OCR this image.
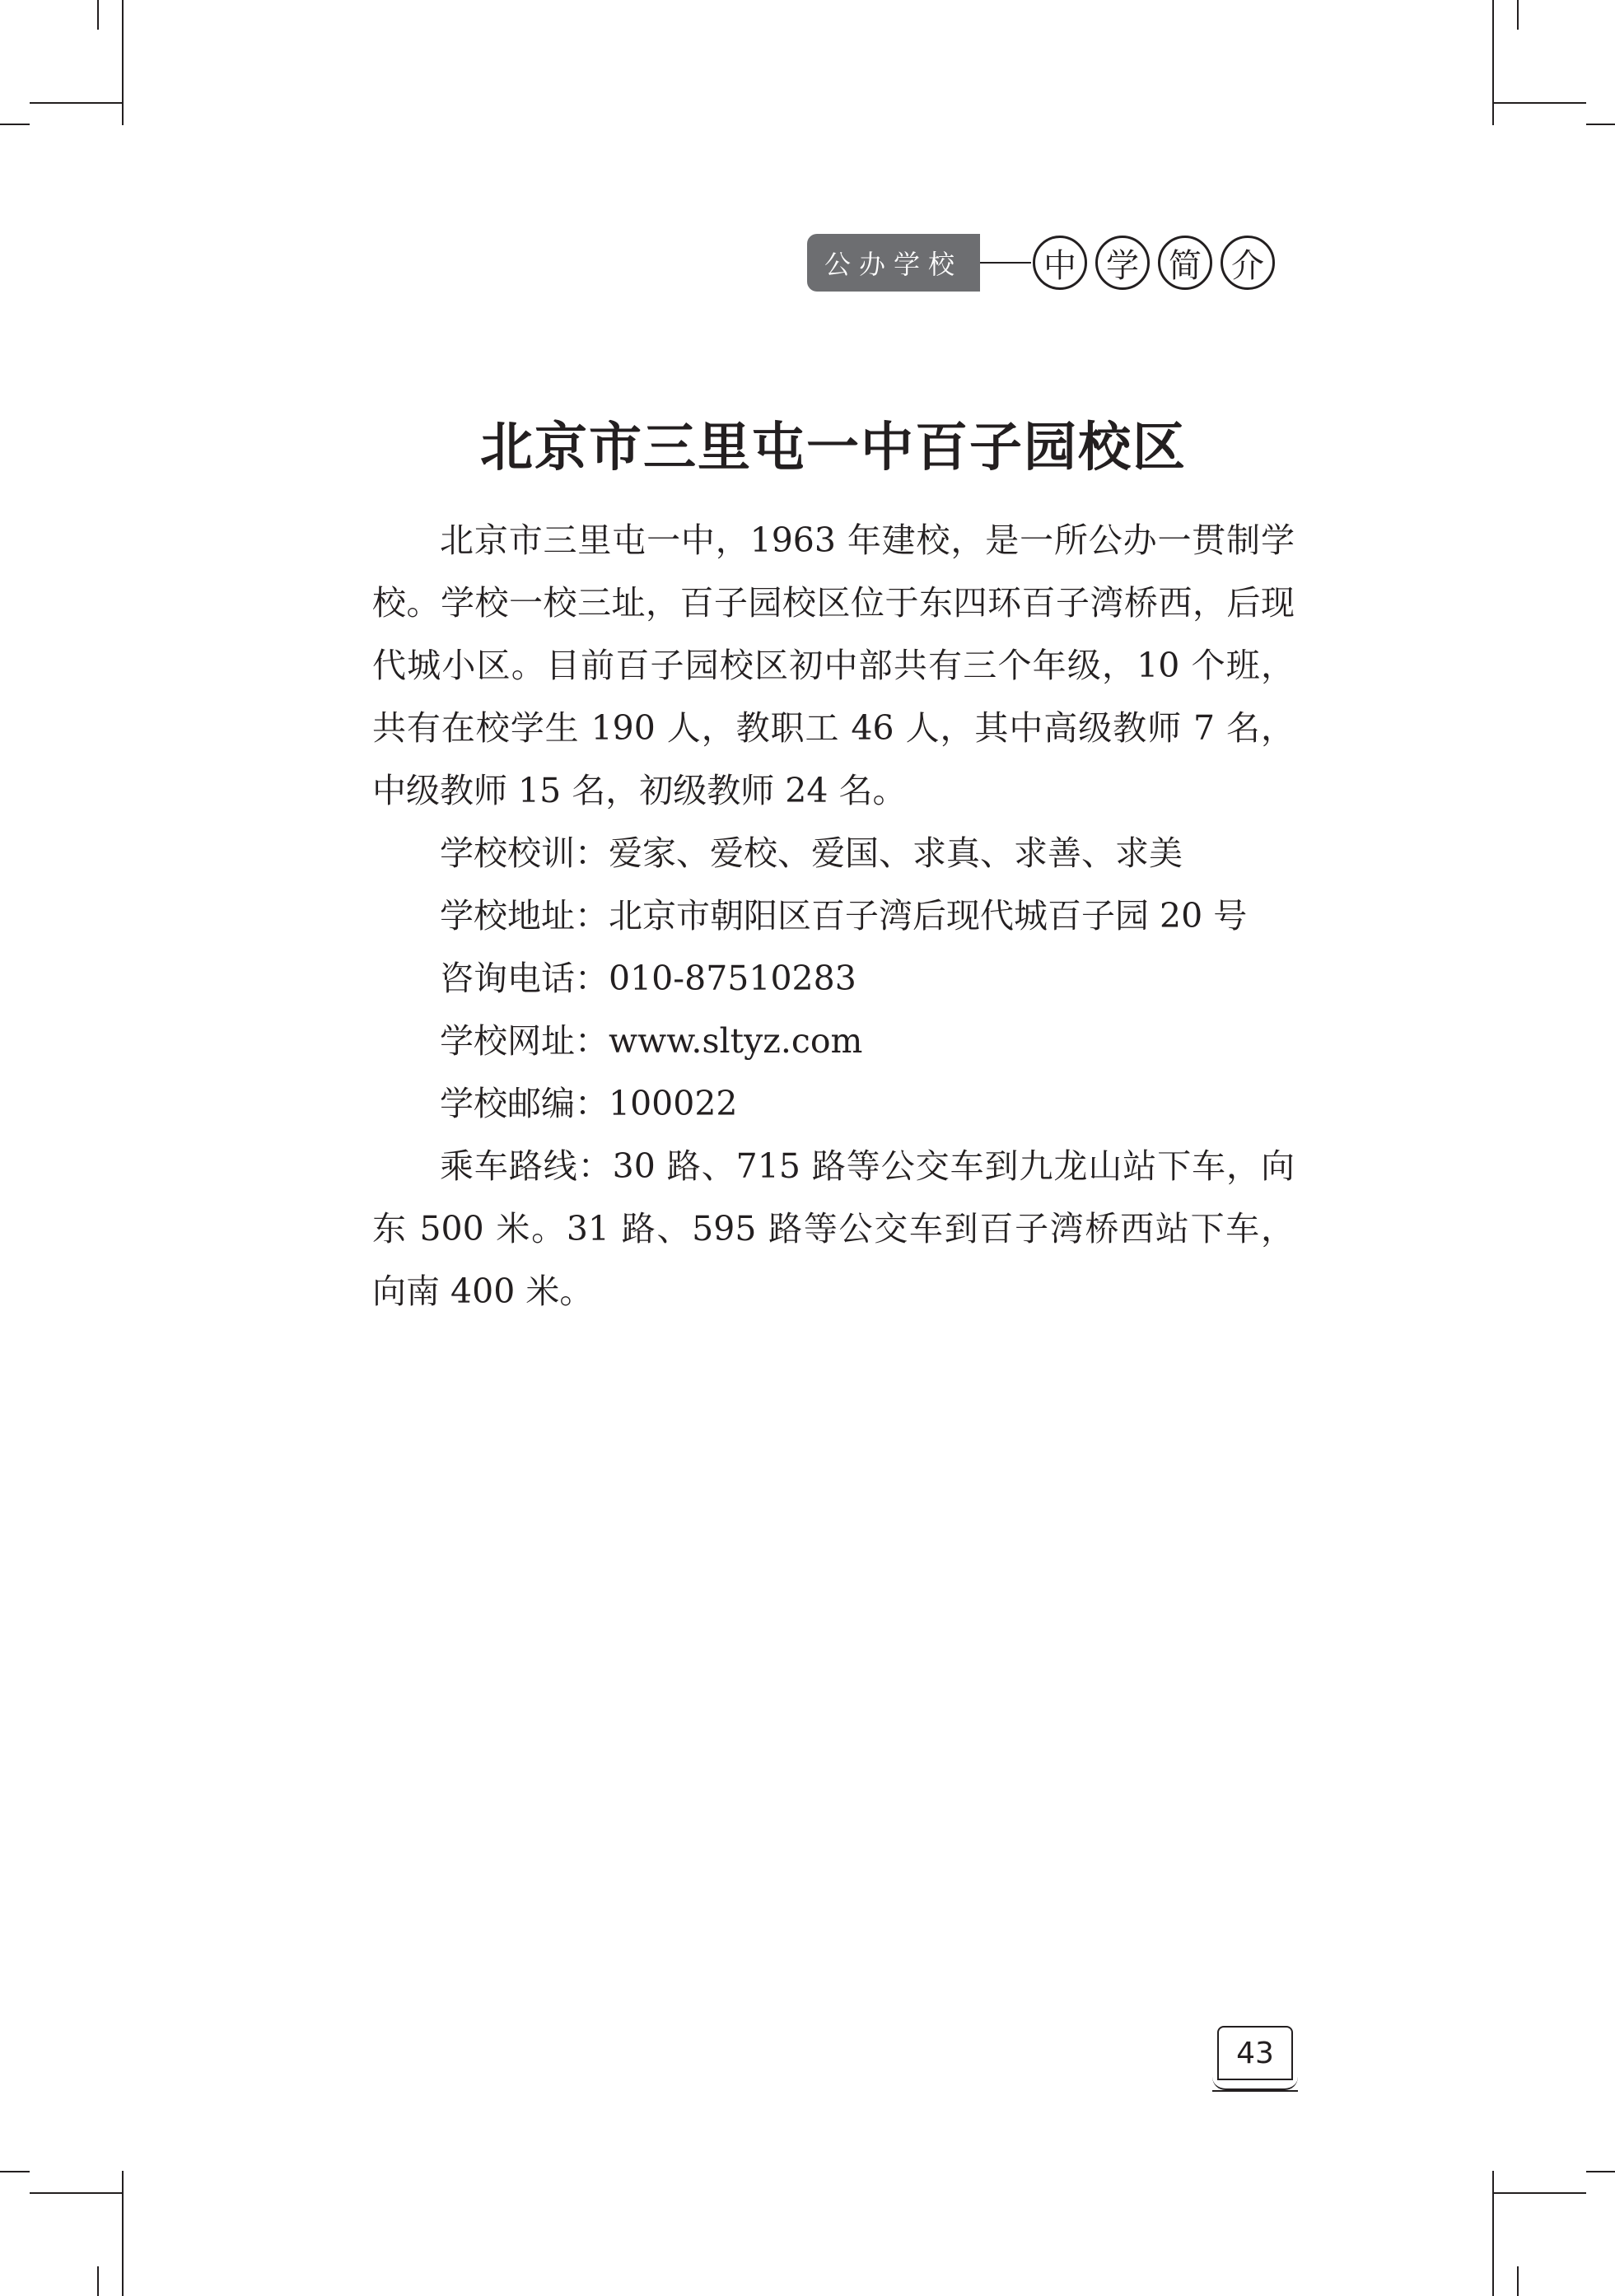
公办学校	中 学 简 介
北京市三里屯一中百子园校区

北京市三里屯一中，1963 年建校，是一所公办一贯制学校。学校一校三址，百子园校区位于东四环百子湾桥西，后现代城小区。目前百子园校区初中部共有三个年级，10 个班，共有在校学生 190 人，教职工 46 人，其中高级教师 7 名，中级教师 15 名，初级教师 24 名。

学校校训：爱家、爱校、爱国、求真、求善、求美

学校地址：北京市朝阳区百子湾后现代城百子园 20 号

咨询电话：010-87510283

学校网址：www.sltyz.com

学校邮编：100022

乘车路线：30 路、715 路等公交车到九龙山站下车，向东 500 米。31 路、595 路等公交车到百子湾桥西站下车，向南 400 米。

43
